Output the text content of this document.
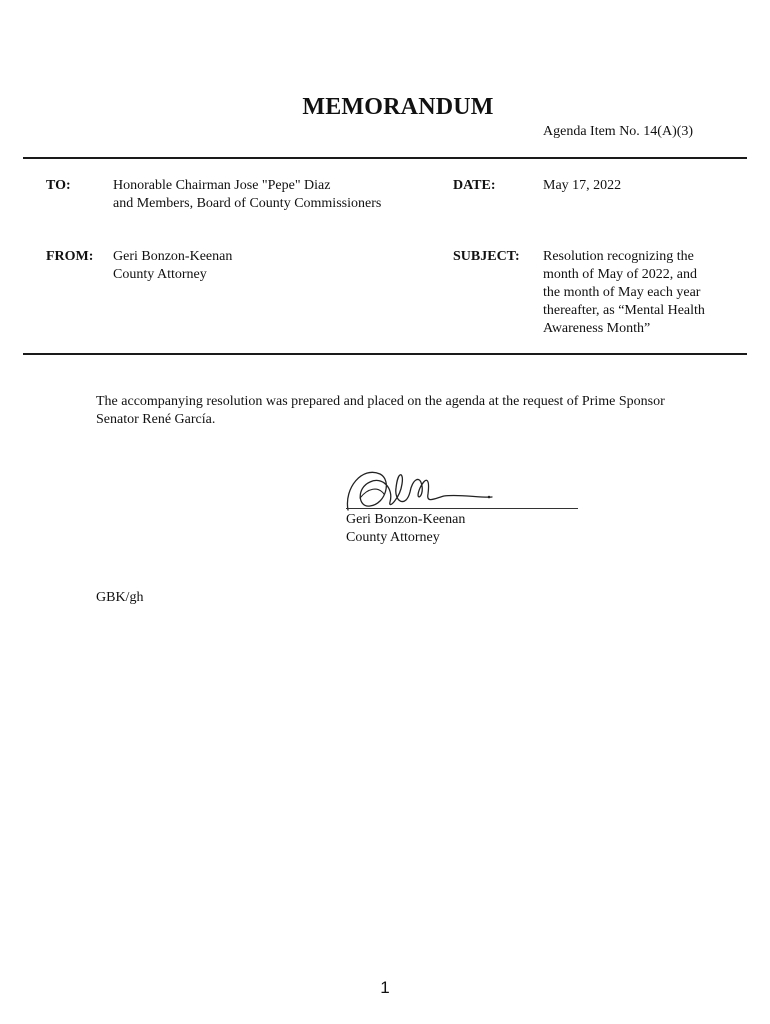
MEMORANDUM
Agenda Item No. 14(A)(3)
TO:	Honorable Chairman Jose "Pepe" Diaz
and Members, Board of County Commissioners
DATE:	May 17, 2022
FROM: Geri Bonzon-Keenan
County Attorney
SUBJECT: Resolution recognizing the
month of May of 2022, and
the month of May each year
thereafter, as “Mental Health
Awareness Month”
The accompanying resolution was prepared and placed on the agenda at the request of Prime Sponsor
Senator René García.
Geri Bonzon-Keenan
County Attorney
GBK/gh
1
